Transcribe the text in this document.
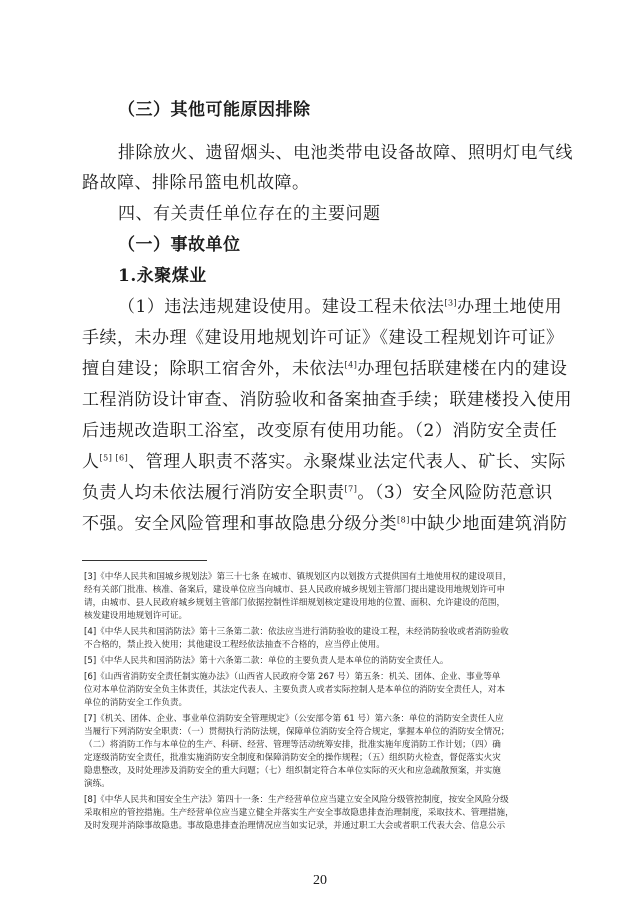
（三）其他可能原因排除
排除放火、遗留烟头、电池类带电设备故障、照明灯电气线
路故障、排除吊篮电机故障。
四、有关责任单位存在的主要问题
（一）事故单位
1.永聚煤业
（1）违法违规建设使用。建设工程未依法[3]办理土地使用
手续，未办理《建设用地规划许可证》《建设工程规划许可证》
擅自建设；除职工宿舍外，未依法[4]办理包括联建楼在内的建设
工程消防设计审查、消防验收和备案抽查手续；联建楼投入使用
后违规改造职工浴室，改变原有使用功能。（2）消防安全责任
人[5] [6]、管理人职责不落实。永聚煤业法定代表人、矿长、实际
负责人均未依法履行消防安全职责[7]。（3）安全风险防范意识
不强。安全风险管理和事故隐患分级分类[8]中缺少地面建筑消防
[3]《中华人民共和国城乡规划法》第三十七条 在城市、镇规划区内以划拨方式提供国有土地使用权的建设项目，
经有关部门批准、核准、备案后，建设单位应当向城市、县人民政府城乡规划主管部门提出建设用地规划许可申
请，由城市、县人民政府城乡规划主管部门依据控制性详细规划核定建设用地的位置、面积、允许建设的范围，
核发建设用地规划许可证。
[4]《中华人民共和国消防法》第十三条第二款：依法应当进行消防验收的建设工程，未经消防验收或者消防验收
不合格的，禁止投入使用；其他建设工程经依法抽查不合格的，应当停止使用。
[5]《中华人民共和国消防法》第十六条第二款：单位的主要负责人是本单位的消防安全责任人。
[6]《山西省消防安全责任制实施办法》（山西省人民政府令第 267 号）第五条：机关、团体、企业、事业等单
位对本单位消防安全负主体责任，其法定代表人、主要负责人或者实际控制人是本单位的消防安全责任人，对本
单位的消防安全工作负责。
[7]《机关、团体、企业、事业单位消防安全管理规定》（公安部令第 61 号）第六条：单位的消防安全责任人应
当履行下列消防安全职责：（一）贯彻执行消防法规，保障单位消防安全符合规定，掌握本单位的消防安全情况；
（二）将消防工作与本单位的生产、科研、经营、管理等活动统筹安排，批准实施年度消防工作计划；（四）确
定逐级消防安全责任，批准实施消防安全制度和保障消防安全的操作规程；（五）组织防火检查，督促落实火灾
隐患整改，及时处理涉及消防安全的重大问题；（七）组织制定符合本单位实际的灭火和应急疏散预案，并实施
演练。
[8]《中华人民共和国安全生产法》第四十一条：生产经营单位应当建立安全风险分级管控制度，按安全风险分级
采取相应的管控措施。生产经营单位应当建立健全并落实生产安全事故隐患排查治理制度，采取技术、管理措施，
及时发现并消除事故隐患。事故隐患排查治理情况应当如实记录，并通过职工大会或者职工代表大会、信息公示
20
